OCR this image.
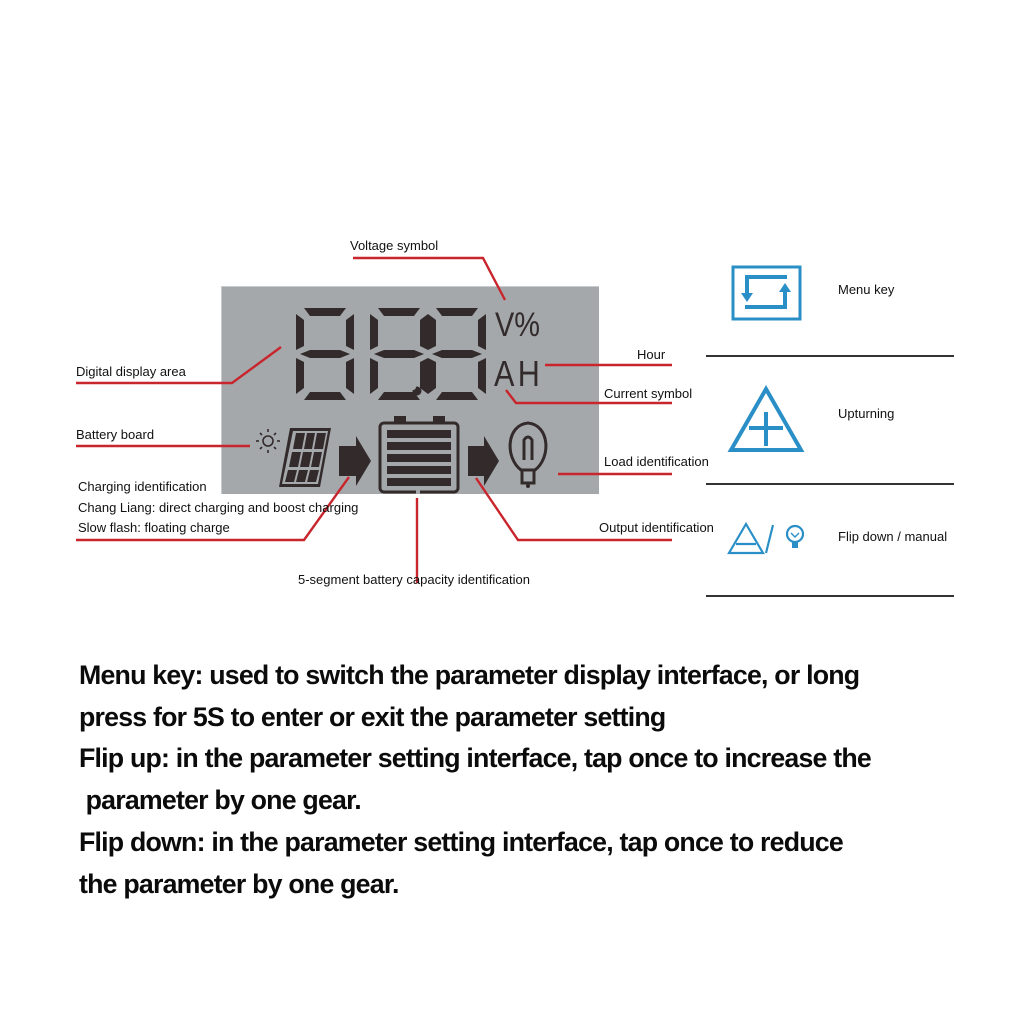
V%
AH
Voltage symbol
Digital display area
Battery board
Charging identification
Chang Liang: direct charging and boost charging
Slow flash: floating charge
5-segment battery capacity identification
Hour
Current symbol
Load identification
Output identification
Menu key
Upturning
Flip down / manual
Menu key: used to switch the parameter display interface, or long
press for 5S to enter or exit the parameter setting
Flip up: in the parameter setting interface, tap once to increase the
parameter by one gear.
Flip down: in the parameter setting interface, tap once to reduce
the parameter by one gear.
